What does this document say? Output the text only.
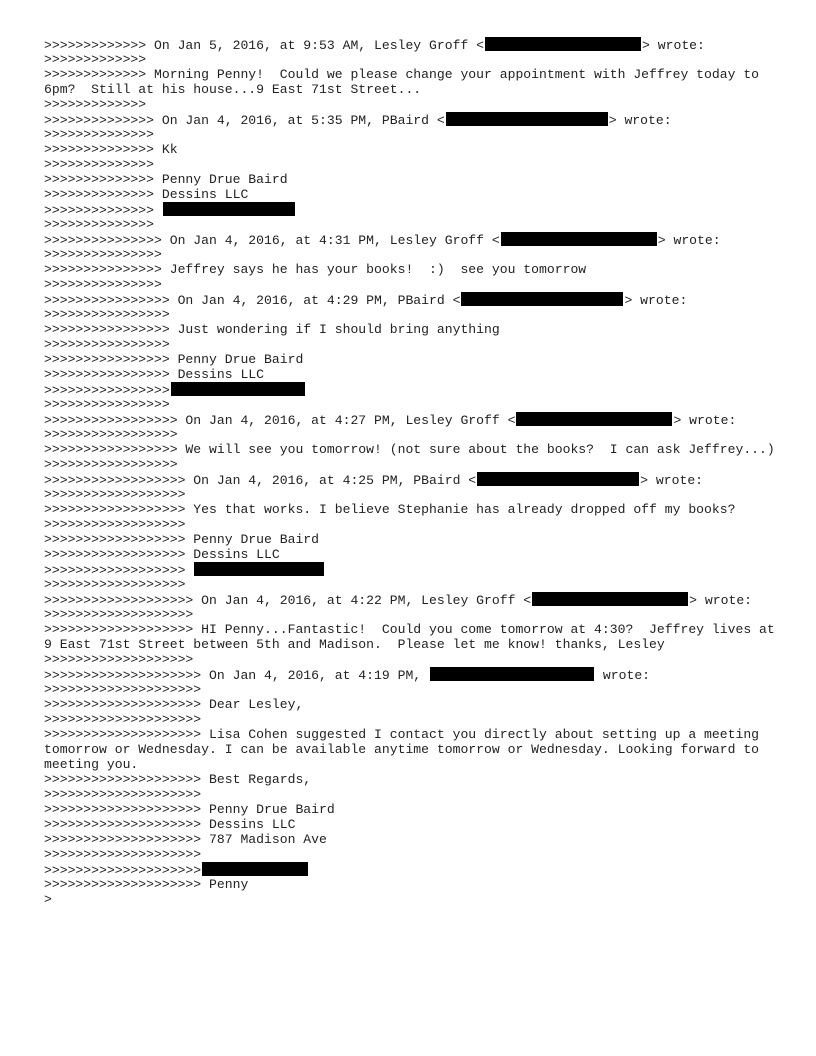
>>>>>>>>>>>>> On Jan 5, 2016, at 9:53 AM, Lesley Groff <	> wrote:
>>>>>>>>>>>>>
>>>>>>>>>>>>> Morning Penny!  Could we please change your appointment with Jeffrey today to 6pm?  Still at his house...9 East 71st Street...
>>>>>>>>>>>>>
>>>>>>>>>>>>>> On Jan 4, 2016, at 5:35 PM, PBaird <	> wrote:
>>>>>>>>>>>>>>
>>>>>>>>>>>>>> Kk
>>>>>>>>>>>>>>
>>>>>>>>>>>>>> Penny Drue Baird
>>>>>>>>>>>>>> Dessins LLC
>>>>>>>>>>>>>>
>>>>>>>>>>>>>>
>>>>>>>>>>>>>>> On Jan 4, 2016, at 4:31 PM, Lesley Groff <	> wrote:
>>>>>>>>>>>>>>>
>>>>>>>>>>>>>>> Jeffrey says he has your books!  :)  see you tomorrow
>>>>>>>>>>>>>>>
>>>>>>>>>>>>>>>> On Jan 4, 2016, at 4:29 PM, PBaird <	> wrote:
>>>>>>>>>>>>>>>>
>>>>>>>>>>>>>>>> Just wondering if I should bring anything
>>>>>>>>>>>>>>>>
>>>>>>>>>>>>>>>> Penny Drue Baird
>>>>>>>>>>>>>>>> Dessins LLC
>>>>>>>>>>>>>>>>
>>>>>>>>>>>>>>>>
>>>>>>>>>>>>>>>>> On Jan 4, 2016, at 4:27 PM, Lesley Groff <	> wrote:
>>>>>>>>>>>>>>>>>
>>>>>>>>>>>>>>>>> We will see you tomorrow! (not sure about the books?  I can ask Jeffrey...)
>>>>>>>>>>>>>>>>>
>>>>>>>>>>>>>>>>>> On Jan 4, 2016, at 4:25 PM, PBaird <	> wrote:
>>>>>>>>>>>>>>>>>>
>>>>>>>>>>>>>>>>>> Yes that works. I believe Stephanie has already dropped off my books?
>>>>>>>>>>>>>>>>>>
>>>>>>>>>>>>>>>>>> Penny Drue Baird
>>>>>>>>>>>>>>>>>> Dessins LLC
>>>>>>>>>>>>>>>>>>
>>>>>>>>>>>>>>>>>>
>>>>>>>>>>>>>>>>>>> On Jan 4, 2016, at 4:22 PM, Lesley Groff <	> wrote:
>>>>>>>>>>>>>>>>>>>
>>>>>>>>>>>>>>>>>>> HI Penny...Fantastic!  Could you come tomorrow at 4:30?  Jeffrey lives at 9 East 71st Street between 5th and Madison.  Please let me know! thanks, Lesley
>>>>>>>>>>>>>>>>>>>
>>>>>>>>>>>>>>>>>>>> On Jan 4, 2016, at 4:19 PM,	wrote:
>>>>>>>>>>>>>>>>>>>>
>>>>>>>>>>>>>>>>>>>> Dear Lesley,
>>>>>>>>>>>>>>>>>>>>
>>>>>>>>>>>>>>>>>>>> Lisa Cohen suggested I contact you directly about setting up a meeting tomorrow or Wednesday. I can be available anytime tomorrow or Wednesday. Looking forward to meeting you.
>>>>>>>>>>>>>>>>>>>> Best Regards,
>>>>>>>>>>>>>>>>>>>>
>>>>>>>>>>>>>>>>>>>> Penny Drue Baird
>>>>>>>>>>>>>>>>>>>> Dessins LLC
>>>>>>>>>>>>>>>>>>>> 787 Madison Ave
>>>>>>>>>>>>>>>>>>>>
>>>>>>>>>>>>>>>>>>>>
>>>>>>>>>>>>>>>>>>>> Penny
>
